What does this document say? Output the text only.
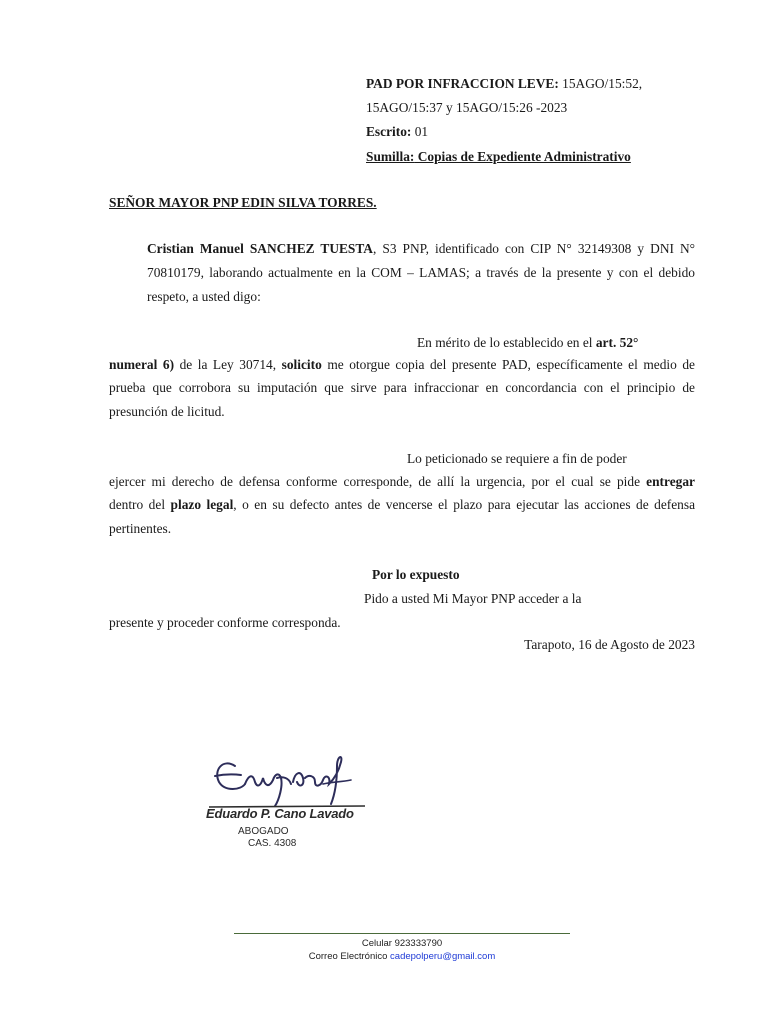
PAD POR INFRACCION LEVE: 15AGO/15:52,
15AGO/15:37 y 15AGO/15:26 -2023
Escrito: 01
Sumilla: Copias de Expediente Administrativo
SEÑOR MAYOR PNP EDIN SILVA TORRES.
Cristian Manuel SANCHEZ TUESTA, S3 PNP, identificado con CIP N° 32149308 y DNI N°
70810179, laborando actualmente en la COM – LAMAS; a través de la presente y con el debido
respeto, a usted digo:
En mérito de lo establecido en el art. 52°
numeral 6) de la Ley 30714, solicito me otorgue copia del presente PAD, específicamente el medio de
prueba que corrobora su imputación que sirve para infraccionar en concordancia con el principio de
presunción de licitud.
Lo peticionado se requiere a fin de poder
ejercer mi derecho de defensa conforme corresponde, de allí la urgencia, por el cual se pide entregar
dentro del plazo legal, o en su defecto antes de vencerse el plazo para ejecutar las acciones de defensa
pertinentes.
Por lo expuesto
Pido a usted Mi Mayor PNP acceder a la
presente y proceder conforme corresponda.
Tarapoto, 16 de Agosto de 2023
Eduardo P. Cano Lavado
ABOGADO
CAS. 4308
Celular 923333790
Correo Electrónico cadepolperu@gmail.com
